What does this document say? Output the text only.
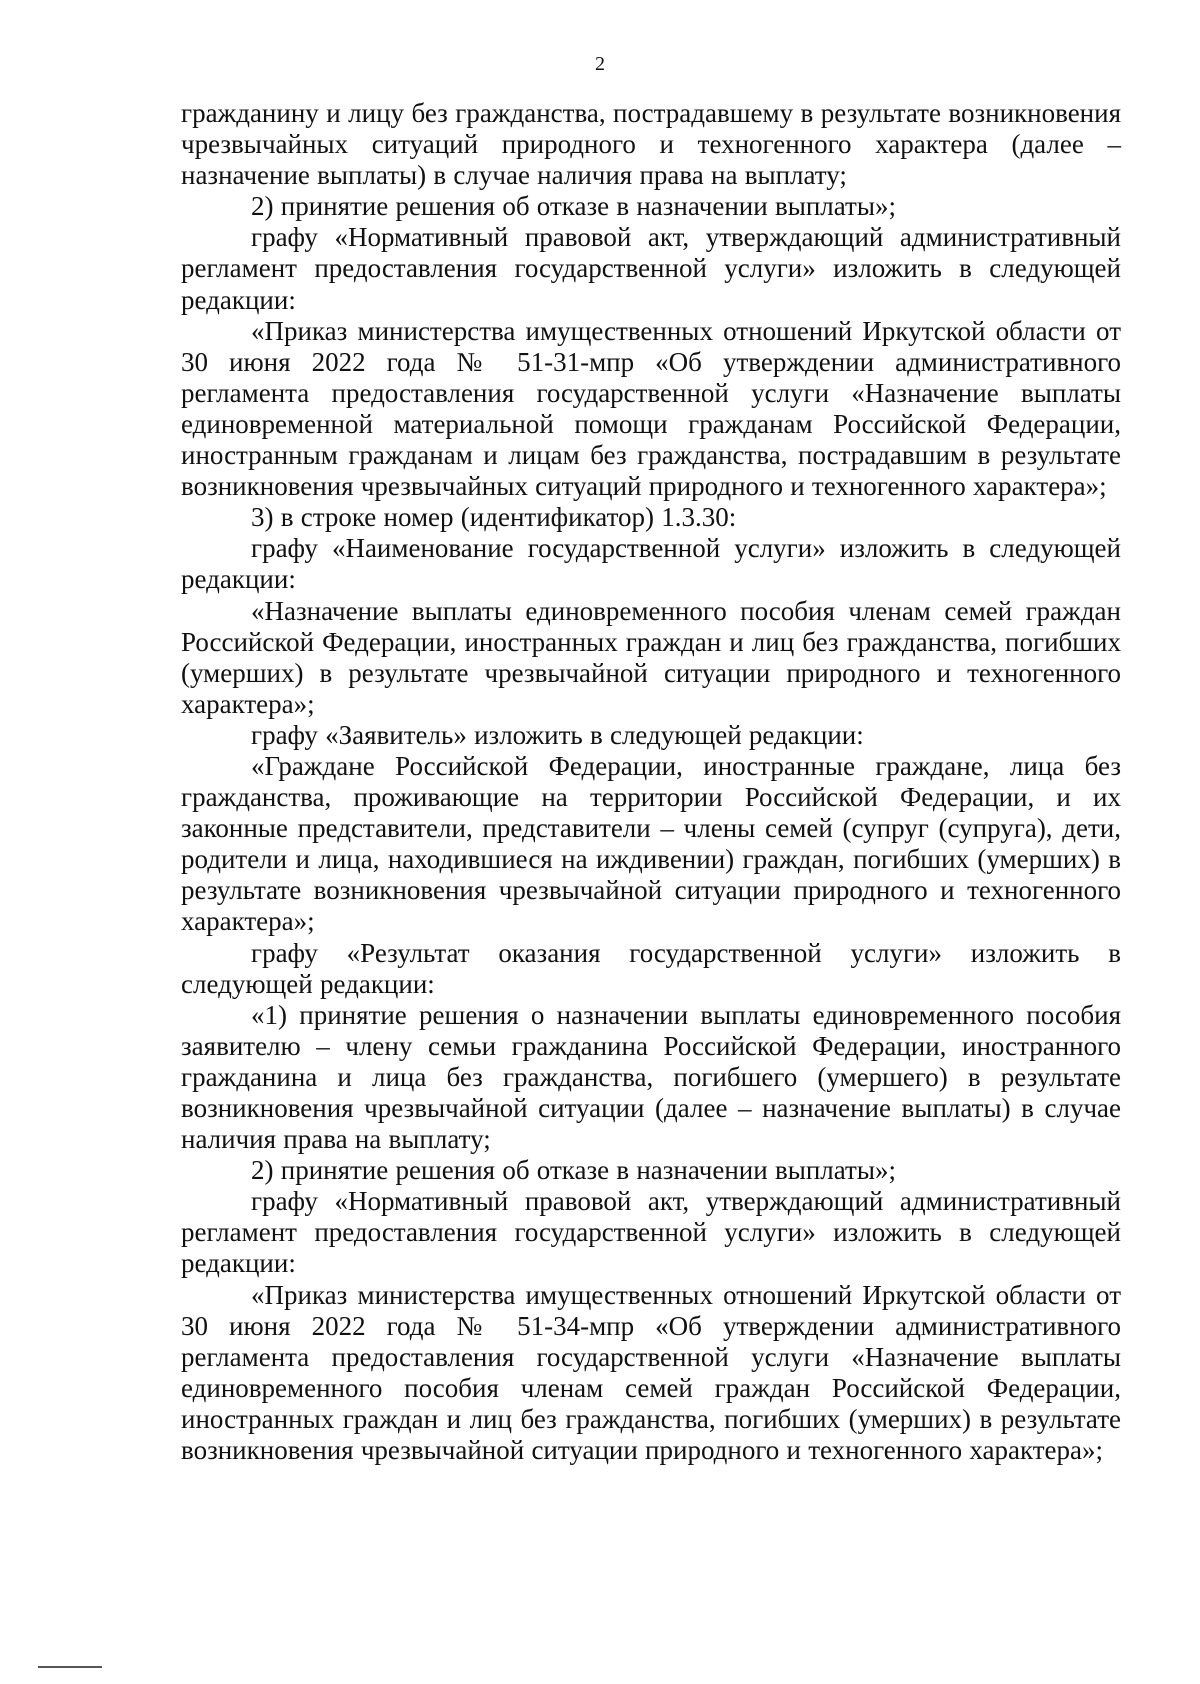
2

гражданину и лицу без гражданства, пострадавшему в результате возникновения чрезвычайных ситуаций природного и техногенного характера (далее – назначение выплаты) в случае наличия права на выплату;

2) принятие решения об отказе в назначении выплаты»;

графу «Нормативный правовой акт, утверждающий административный регламент предоставления государственной услуги» изложить в следующей редакции:

«Приказ министерства имущественных отношений Иркутской области от 30 июня 2022 года № 51-31-мпр «Об утверждении административного регламента предоставления государственной услуги «Назначение выплаты единовременной материальной помощи гражданам Российской Федерации, иностранным гражданам и лицам без гражданства, пострадавшим в результате возникновения чрезвычайных ситуаций природного и техногенного характера»;

3) в строке номер (идентификатор) 1.3.30:

графу «Наименование государственной услуги» изложить в следующей редакции:

«Назначение выплаты единовременного пособия членам семей граждан Российской Федерации, иностранных граждан и лиц без гражданства, погибших (умерших) в результате чрезвычайной ситуации природного и техногенного характера»;

графу «Заявитель» изложить в следующей редакции:

«Граждане Российской Федерации, иностранные граждане, лица без гражданства, проживающие на территории Российской Федерации, и их законные представители, представители – члены семей (супруг (супруга), дети, родители и лица, находившиеся на иждивении) граждан, погибших (умерших) в результате возникновения чрезвычайной ситуации природного и техногенного характера»;

графу «Результат оказания государственной услуги» изложить в следующей редакции:

«1) принятие решения о назначении выплаты единовременного пособия заявителю – члену семьи гражданина Российской Федерации, иностранного гражданина и лица без гражданства, погибшего (умершего) в результате возникновения чрезвычайной ситуации (далее – назначение выплаты) в случае наличия права на выплату;

2) принятие решения об отказе в назначении выплаты»;

графу «Нормативный правовой акт, утверждающий административный регламент предоставления государственной услуги» изложить в следующей редакции:

«Приказ министерства имущественных отношений Иркутской области от 30 июня 2022 года № 51-34-мпр «Об утверждении административного регламента предоставления государственной услуги «Назначение выплаты единовременного пособия членам семей граждан Российской Федерации, иностранных граждан и лиц без гражданства, погибших (умерших) в результате возникновения чрезвычайной ситуации природного и техногенного характера»;
